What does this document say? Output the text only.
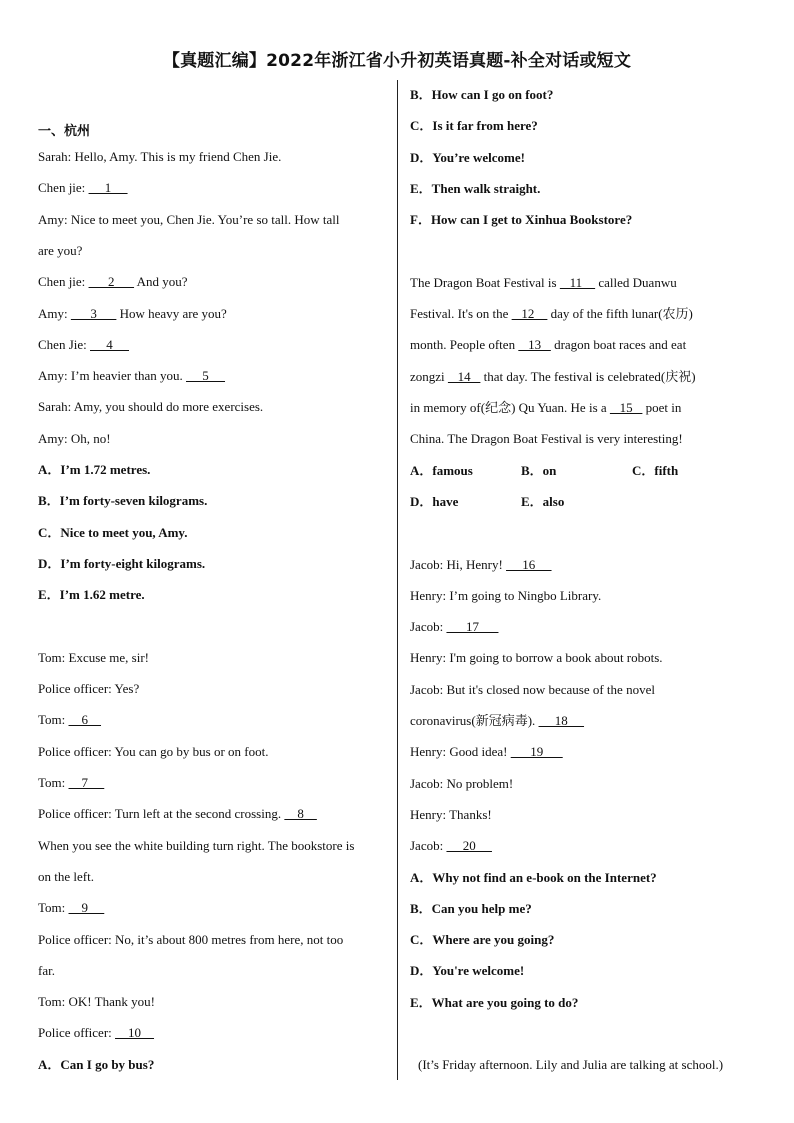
【真题汇编】2022年浙江省小升初英语真题-补全对话或短文
一、杭州
Sarah: Hello, Amy. This is my friend Chen Jie.
Chen jie:      1
Amy: Nice to meet you, Chen Jie. You’re so tall. How tall
are you?
Chen jie:       2       And you?
Amy:       3       How heavy are you?
Chen Jie:      4
Amy: I’m heavier than you.      5
Sarah: Amy, you should do more exercises.
Amy: Oh, no!
A．I’m 1.72 metres.
B．I’m forty-seven kilograms.
C．Nice to meet you, Amy.
D．I’m forty-eight kilograms.
E．I’m 1.62 metre.
Tom: Excuse me, sir!
Police officer: Yes?
Tom:     6
Police officer: You can go by bus or on foot.
Tom:     7
Police officer: Turn left at the second crossing.     8
When you see the white building turn right. The bookstore is
on the left.
Tom:     9
Police officer: No, it’s about 800 metres from here, not too
far.
Tom: OK! Thank you!
Police officer:     10
A．Can I go by bus?
B．How can I go on foot?
C．Is it far from here?
D．You’re welcome!
E．Then walk straight.
F．How can I get to Xinhua Bookstore?
The Dragon Boat Festival is    11     called Duanwu
Festival. It's on the    12     day of the fifth lunar(农历)
month. People often    13    dragon boat races and eat
zongzi    14    that day. The festival is celebrated(庆祝)
in memory of(纪念) Qu Yuan. He is a    15    poet in
China. The Dragon Boat Festival is very interesting!
A．famous	B．on	C．fifth
D．have	E．also
Jacob: Hi, Henry!      16
Henry: I’m going to Ningbo Library.
Jacob:       17
Henry: I'm going to borrow a book about robots.
Jacob: But it's closed now because of the novel
coronavirus(新冠病毒).      18
Henry: Good idea!       19
Jacob: No problem!
Henry: Thanks!
Jacob:      20
A．Why not find an e-book on the Internet?
B．Can you help me?
C．Where are you going?
D．You're welcome!
E．What are you going to do?
(It’s Friday afternoon. Lily and Julia are talking at school.)
